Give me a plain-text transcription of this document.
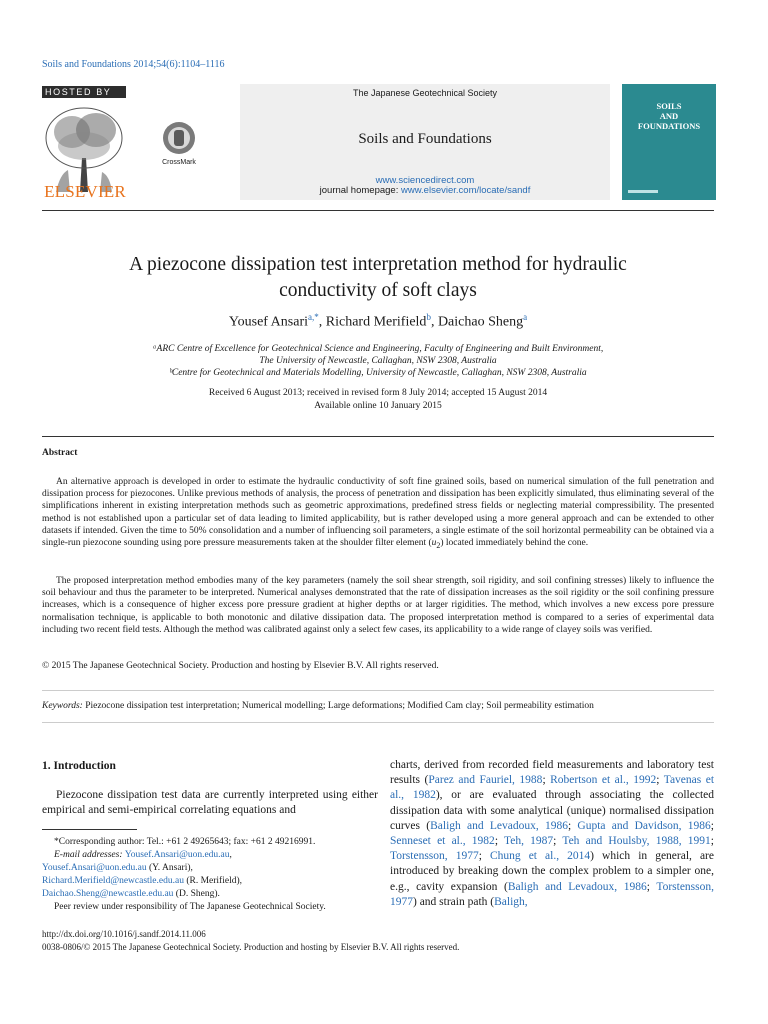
Soils and Foundations 2014;54(6):1104–1116
HOSTED BY
ELSEVIER
CrossMark
The Japanese Geotechnical Society
Soils and Foundations
www.sciencedirect.com
journal homepage: www.elsevier.com/locate/sandf
SOILS
AND
FOUNDATIONS
A piezocone dissipation test interpretation method for hydraulic
conductivity of soft clays
Yousef Ansari$^{a,*}$, Richard Merifield$^b$, Daichao Sheng$^a$
ᵃARC Centre of Excellence for Geotechnical Science and Engineering, Faculty of Engineering and Built Environment,
The University of Newcastle, Callaghan, NSW 2308, Australia
ᵇCentre for Geotechnical and Materials Modelling, University of Newcastle, Callaghan, NSW 2308, Australia
Received 6 August 2013; received in revised form 8 July 2014; accepted 15 August 2014
Available online 10 January 2015
Abstract
An alternative approach is developed in order to estimate the hydraulic conductivity of soft fine grained soils, based on numerical simulation of the full penetration and dissipation process for piezocones. Unlike previous methods of analysis, the process of penetration and dissipation has been explicitly simulated, thus eliminating several of the simplifications inherent in existing interpretation methods such as geometric approximations, predefined stress fields or neglecting material compressibility. The presented method is not established upon a particular set of data leading to limited applicability, but is rather developed using a more general approach and can be extended to other datasets if intended. Given the time to 50% consolidation and a number of influencing soil parameters, a single estimate of the soil horizontal permeability can be obtained via a single-run piezocone sounding using pore pressure measurements taken at the shoulder filter element $(u_2)$ located immediately behind the cone.
The proposed interpretation method embodies many of the key parameters (namely the soil shear strength, soil rigidity, and soil confining stresses) likely to influence the soil behaviour and thus the parameter to be interpreted. Numerical analyses demonstrated that the rate of dissipation increases as the soil rigidity or the soil confining pressure increases, which is a consequence of higher excess pore pressure gradient at higher depths or at larger rigidities. The method, which involves a new excess pore pressure normalisation technique, is applicable to both monotonic and dilative dissipation data. The proposed interpretation method is compared to a series of experimental data including two recent field tests. Although the method was calibrated against only a select few cases, its applicability to a wide range of clayey soils was verified.
© 2015 The Japanese Geotechnical Society. Production and hosting by Elsevier B.V. All rights reserved.
Keywords: Piezocone dissipation test interpretation; Numerical modelling; Large deformations; Modified Cam clay; Soil permeability estimation
1. Introduction
Piezocone dissipation test data are currently interpreted using either empirical and semi-empirical correlating equations and
charts, derived from recorded field measurements and laboratory test results (Parez and Fauriel, 1988; Robertson et al., 1992; Tavenas et al., 1982), or are evaluated through associating the collected dissipation data with some analytical (unique) normalised dissipation curves (Baligh and Levadoux, 1986; Gupta and Davidson, 1986; Senneset et al., 1982; Teh, 1987; Teh and Houlsby, 1988, 1991; Torstensson, 1977; Chung et al., 2014) which in general, are introduced by breaking down the complex problem to a simpler one, e.g., cavity expansion (Baligh and Levadoux, 1986; Torstensson, 1977) and strain path (Baligh,
*Corresponding author: Tel.: +61 2 49265643; fax: +61 2 49216991.
E-mail addresses: Yousef.Ansari@uon.edu.au,
Yousef.Ansari@uon.edu.au (Y. Ansari),
Richard.Merifield@newcastle.edu.au (R. Merifield),
Daichao.Sheng@newcastle.edu.au (D. Sheng).
Peer review under responsibility of The Japanese Geotechnical Society.
http://dx.doi.org/10.1016/j.sandf.2014.11.006
0038-0806/© 2015 The Japanese Geotechnical Society. Production and hosting by Elsevier B.V. All rights reserved.
